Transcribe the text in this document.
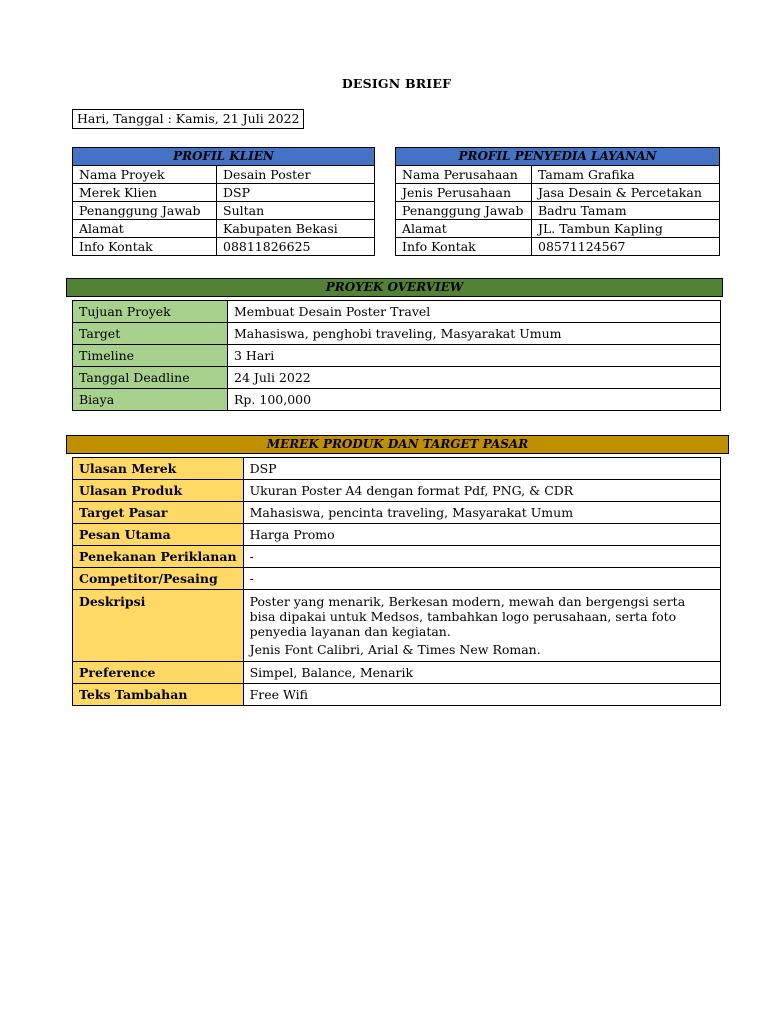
DESIGN BRIEF
Hari, Tanggal : Kamis, 21 Juli 2022
PROFIL KLIEN	
Nama Proyek	Desain Poster
Merek Klien	DSP
Penanggung Jawab	Sultan
Alamat	Kabupaten Bekasi
Info Kontak	08811826625
PROFIL PENYEDIA LAYANAN	
Nama Perusahaan	Tamam Grafika
Jenis Perusahaan	Jasa Desain & Percetakan
Penanggung Jawab	Badru Tamam
Alamat	JL. Tambun Kapling
Info Kontak	08571124567
PROYEK OVERVIEW
Tujuan Proyek	Membuat Desain Poster Travel
Target	Mahasiswa, penghobi traveling, Masyarakat Umum
Timeline	3 Hari
Tanggal Deadline	24 Juli 2022
Biaya	Rp. 100,000
MEREK PRODUK DAN TARGET PASAR
Ulasan Merek	DSP
Ulasan Produk	Ukuran Poster A4 dengan format Pdf, PNG, & CDR
Target Pasar	Mahasiswa, pencinta traveling, Masyarakat Umum
Pesan Utama	Harga Promo
Penekanan Periklanan	-
Competitor/Pesaing	-
Deskripsi	Poster yang menarik, Berkesan modern, mewah dan bergengsi serta bisa dipakai untuk Medsos, tambahkan logo perusahaan, serta foto penyedia layanan dan kegiatan.
Jenis Font Calibri, Arial & Times New Roman.

Preference	Simpel, Balance, Menarik
Teks Tambahan	Free Wifi
